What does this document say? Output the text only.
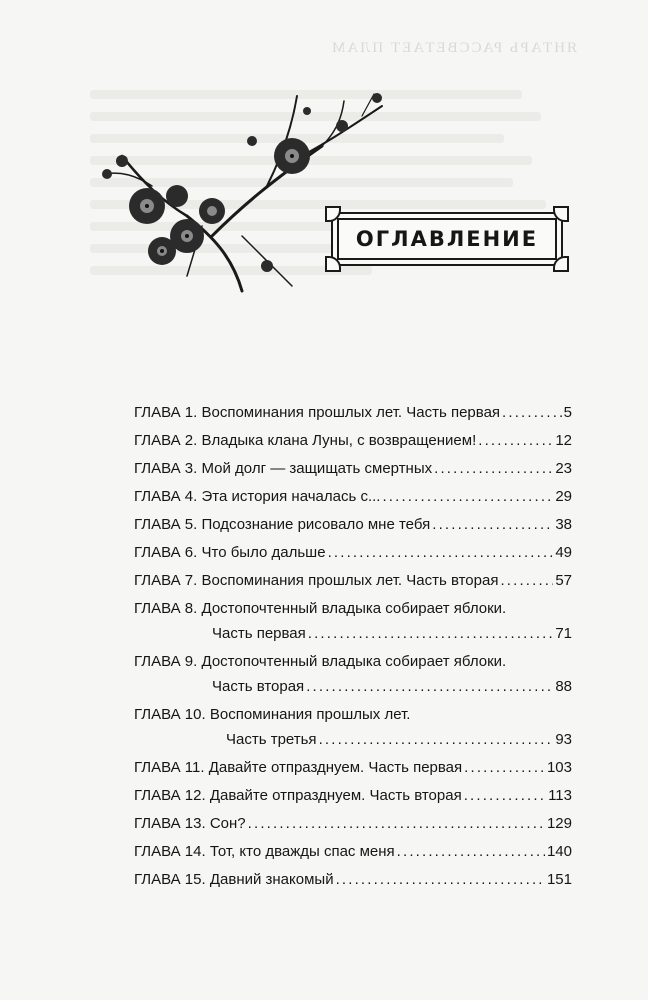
ЯНТАРЬ РАССВЕТАЕТ ПЛАМ
ОГЛАВЛЕНИЕ
ГЛАВА 1. Воспоминания прошлых лет. Часть первая . . .	5
ГЛАВА 2. Владыка клана Луны, с возвращением! . . .	12
ГЛАВА 3. Мой долг — защищать смертных . . .	23
ГЛАВА 4. Эта история началась с... . . .	29
ГЛАВА 5. Подсознание рисовало мне тебя . . .	38
ГЛАВА 6. Что было дальше . . .	49
ГЛАВА 7. Воспоминания прошлых лет. Часть вторая . . .	57
ГЛАВА 8. Достопочтенный владыка собирает яблоки.
Часть первая . . .	71
ГЛАВА 9. Достопочтенный владыка собирает яблоки.
Часть вторая . . .	88
ГЛАВА 10. Воспоминания прошлых лет.
Часть третья . . .	93
ГЛАВА 11. Давайте отпразднуем. Часть первая . . .	103
ГЛАВА 12. Давайте отпразднуем. Часть вторая . . .	113
ГЛАВА 13. Сон? . . .	129
ГЛАВА 14. Тот, кто дважды спас меня . . .	140
ГЛАВА 15. Давний знакомый . . .	151
